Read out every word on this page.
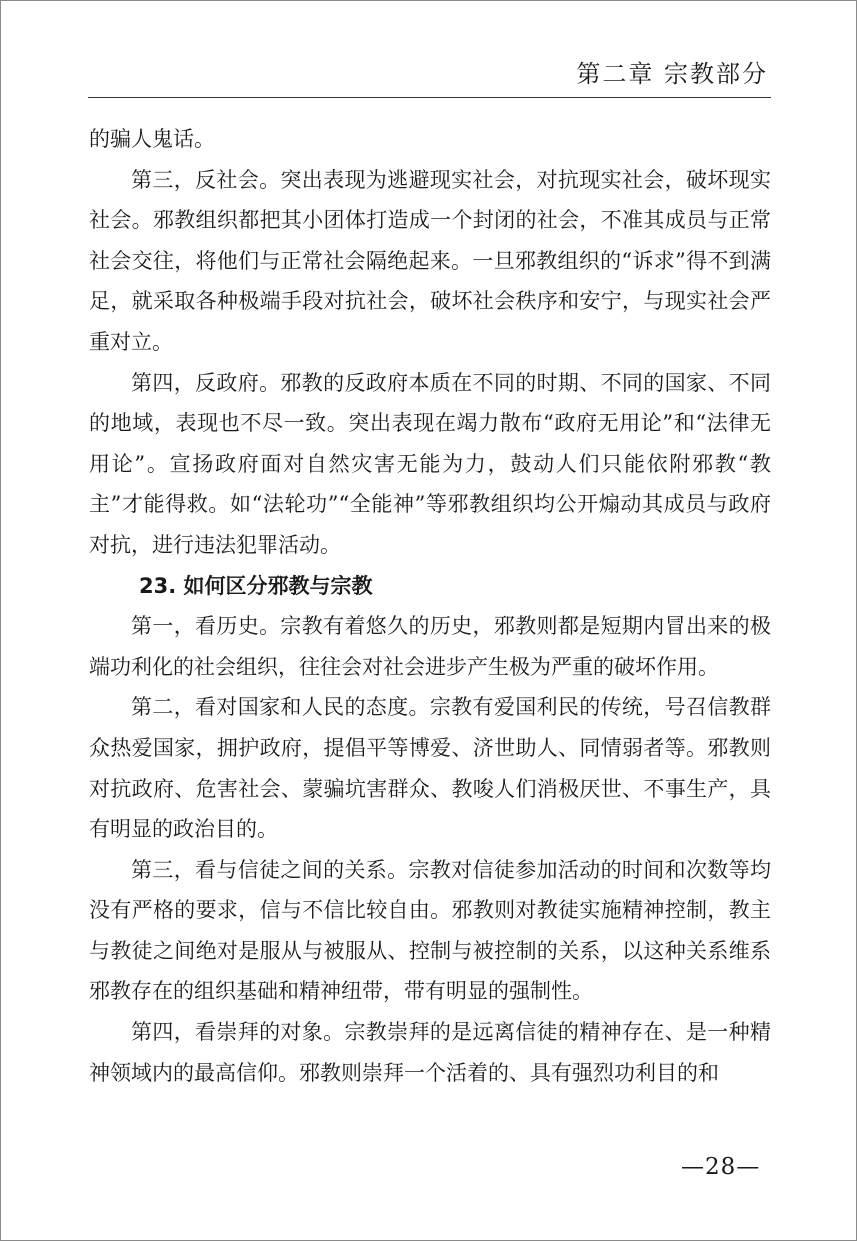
第二章 宗教部分

的骗人鬼话。

第三，反社会。突出表现为逃避现实社会，对抗现实社会，破坏现实社会。邪教组织都把其小团体打造成一个封闭的社会，不准其成员与正常社会交往，将他们与正常社会隔绝起来。一旦邪教组织的“诉求”得不到满足，就采取各种极端手段对抗社会，破坏社会秩序和安宁，与现实社会严重对立。

第四，反政府。邪教的反政府本质在不同的时期、不同的国家、不同的地域，表现也不尽一致。突出表现在竭力散布“政府无用论”和“法律无用论”。宣扬政府面对自然灾害无能为力，鼓动人们只能依附邪教“教主”才能得救。如“法轮功”“全能神”等邪教组织均公开煽动其成员与政府对抗，进行违法犯罪活动。

23. 如何区分邪教与宗教

第一，看历史。宗教有着悠久的历史，邪教则都是短期内冒出来的极端功利化的社会组织，往往会对社会进步产生极为严重的破坏作用。

第二，看对国家和人民的态度。宗教有爱国利民的传统，号召信教群众热爱国家，拥护政府，提倡平等博爱、济世助人、同情弱者等。邪教则对抗政府、危害社会、蒙骗坑害群众、教唆人们消极厌世、不事生产，具有明显的政治目的。

第三，看与信徒之间的关系。宗教对信徒参加活动的时间和次数等均没有严格的要求，信与不信比较自由。邪教则对教徒实施精神控制，教主与教徒之间绝对是服从与被服从、控制与被控制的关系，以这种关系维系邪教存在的组织基础和精神纽带，带有明显的强制性。

第四，看崇拜的对象。宗教崇拜的是远离信徒的精神存在、是一种精神领域内的最高信仰。邪教则崇拜一个活着的、具有强烈功利目的和

—28—
